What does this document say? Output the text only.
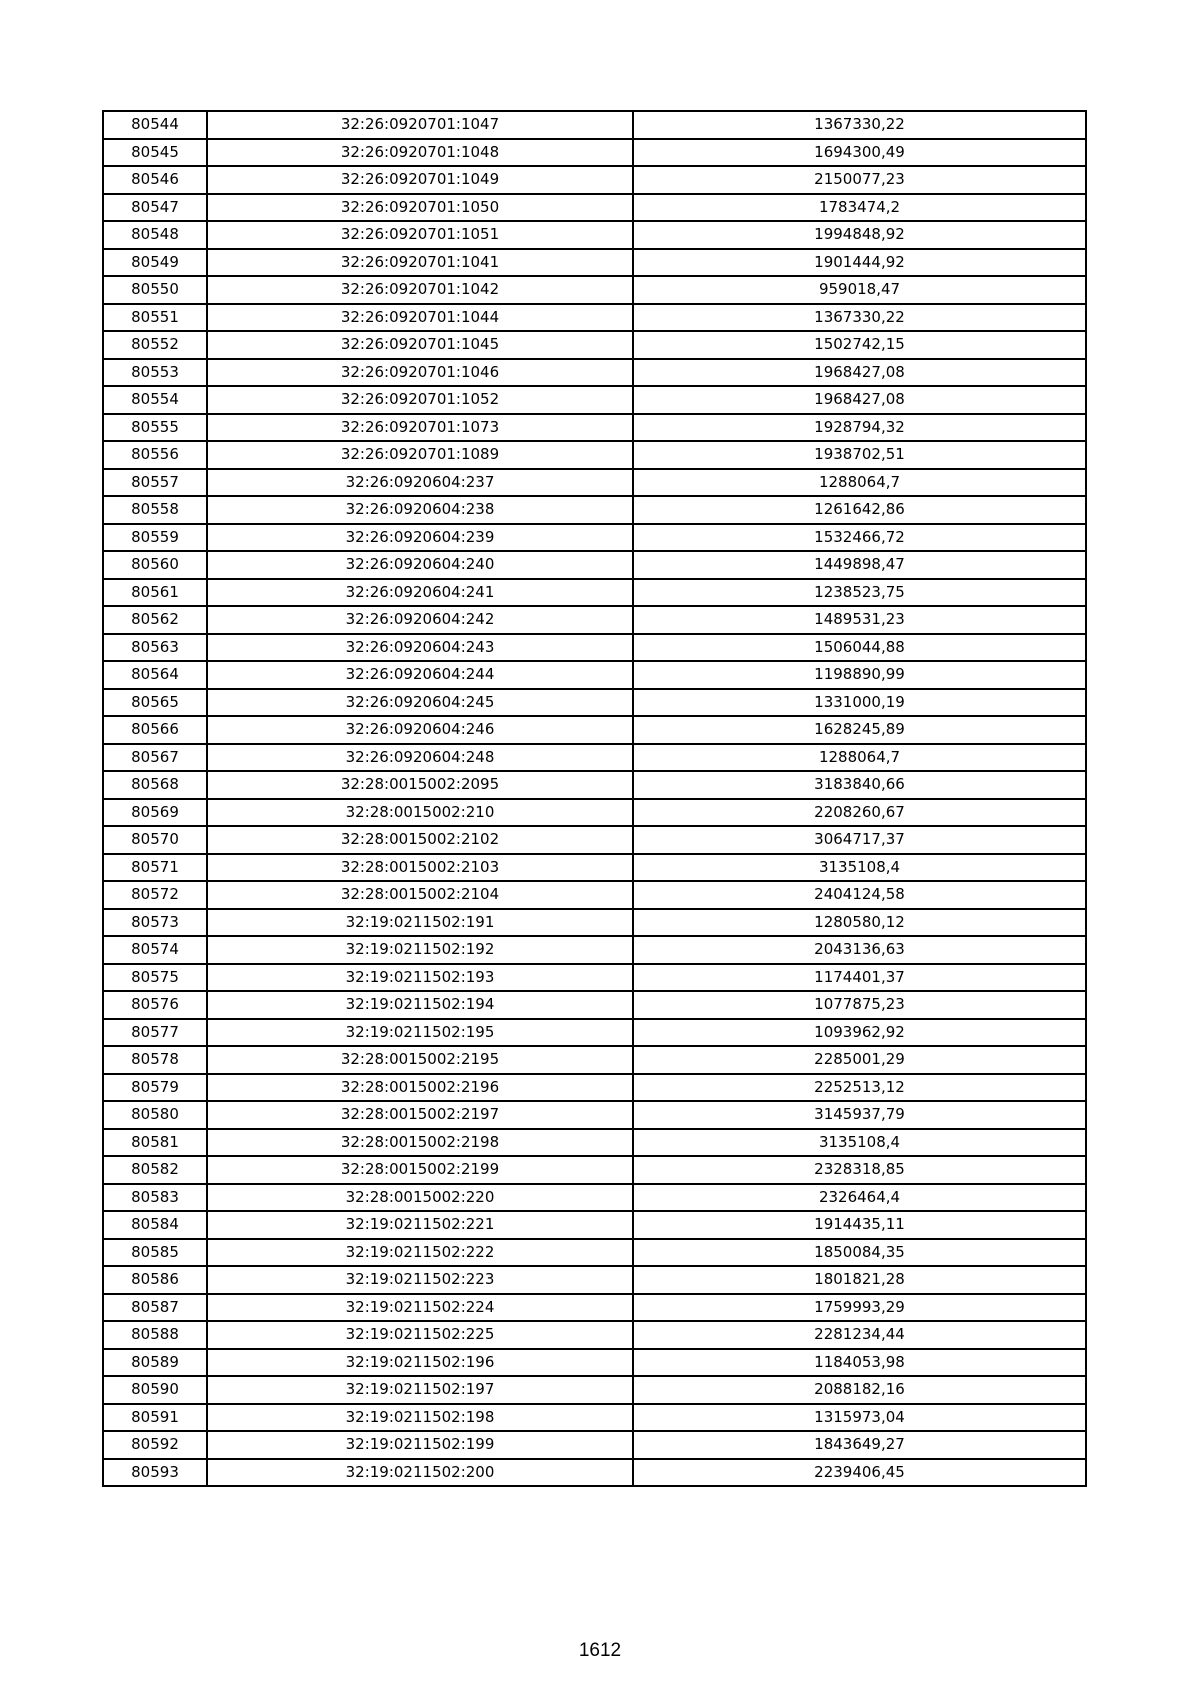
80544	32:26:0920701:1047	1367330,22
80545	32:26:0920701:1048	1694300,49
80546	32:26:0920701:1049	2150077,23
80547	32:26:0920701:1050	1783474,2
80548	32:26:0920701:1051	1994848,92
80549	32:26:0920701:1041	1901444,92
80550	32:26:0920701:1042	959018,47
80551	32:26:0920701:1044	1367330,22
80552	32:26:0920701:1045	1502742,15
80553	32:26:0920701:1046	1968427,08
80554	32:26:0920701:1052	1968427,08
80555	32:26:0920701:1073	1928794,32
80556	32:26:0920701:1089	1938702,51
80557	32:26:0920604:237	1288064,7
80558	32:26:0920604:238	1261642,86
80559	32:26:0920604:239	1532466,72
80560	32:26:0920604:240	1449898,47
80561	32:26:0920604:241	1238523,75
80562	32:26:0920604:242	1489531,23
80563	32:26:0920604:243	1506044,88
80564	32:26:0920604:244	1198890,99
80565	32:26:0920604:245	1331000,19
80566	32:26:0920604:246	1628245,89
80567	32:26:0920604:248	1288064,7
80568	32:28:0015002:2095	3183840,66
80569	32:28:0015002:210	2208260,67
80570	32:28:0015002:2102	3064717,37
80571	32:28:0015002:2103	3135108,4
80572	32:28:0015002:2104	2404124,58
80573	32:19:0211502:191	1280580,12
80574	32:19:0211502:192	2043136,63
80575	32:19:0211502:193	1174401,37
80576	32:19:0211502:194	1077875,23
80577	32:19:0211502:195	1093962,92
80578	32:28:0015002:2195	2285001,29
80579	32:28:0015002:2196	2252513,12
80580	32:28:0015002:2197	3145937,79
80581	32:28:0015002:2198	3135108,4
80582	32:28:0015002:2199	2328318,85
80583	32:28:0015002:220	2326464,4
80584	32:19:0211502:221	1914435,11
80585	32:19:0211502:222	1850084,35
80586	32:19:0211502:223	1801821,28
80587	32:19:0211502:224	1759993,29
80588	32:19:0211502:225	2281234,44
80589	32:19:0211502:196	1184053,98
80590	32:19:0211502:197	2088182,16
80591	32:19:0211502:198	1315973,04
80592	32:19:0211502:199	1843649,27
80593	32:19:0211502:200	2239406,45
1612
